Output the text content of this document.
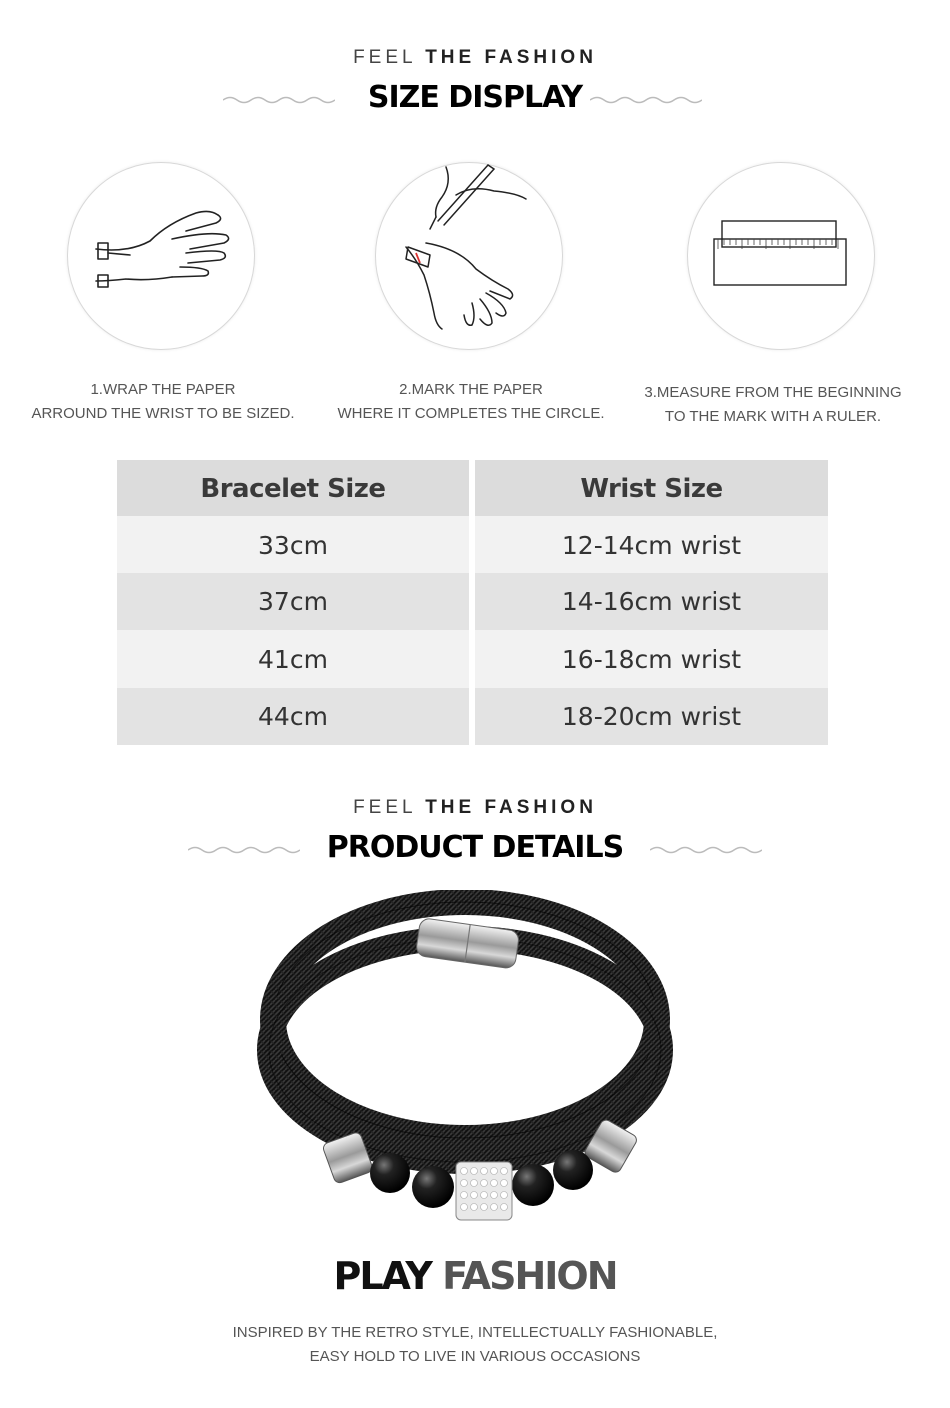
FEEL THE FASHION
SIZE DISPLAY
1.WRAP THE PAPER
ARROUND THE WRIST TO BE SIZED.
2.MARK THE PAPER
WHERE IT COMPLETES THE CIRCLE.
3.MEASURE FROM THE BEGINNING
TO THE MARK WITH A RULER.
Bracelet Size	Wrist Size
33cm	12-14cm wrist
37cm	14-16cm wrist
41cm	16-18cm wrist
44cm	18-20cm wrist
FEEL THE FASHION
PRODUCT DETAILS
PLAY FASHION
INSPIRED BY THE RETRO STYLE, INTELLECTUALLY FASHIONABLE,
EASY HOLD TO LIVE IN VARIOUS OCCASIONS
